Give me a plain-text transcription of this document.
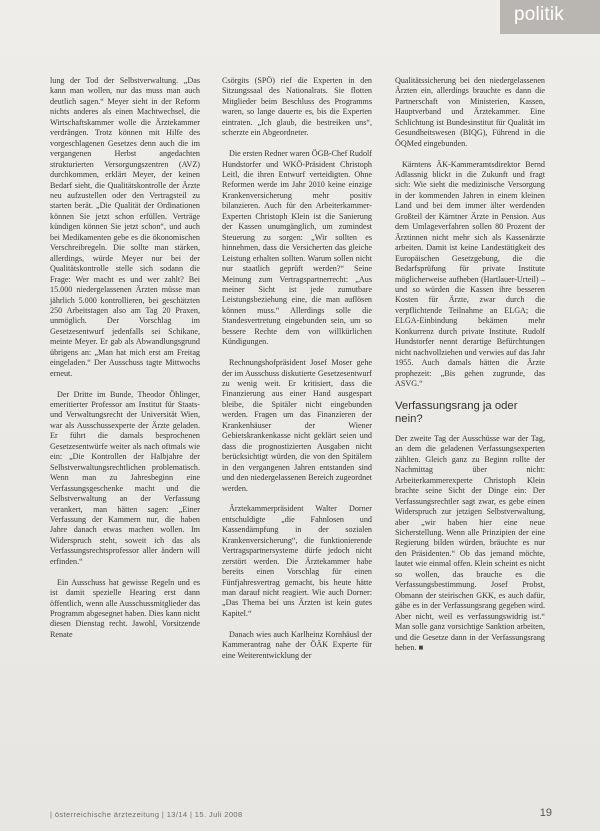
politik

lung der Tod der Selbstverwaltung. „Das kann man wollen, nur das muss man auch deutlich sagen.“ Meyer sieht in der Reform nichts anderes als einen Machtwechsel, die Wirtschaftskammer wolle die Ärztekammer verdrängen. Trotz können mit Hilfe des vorgeschlagenen Gesetzes denn auch die im vergangenen Herbst angedachten strukturierten Versorgungszentren (AVZ) durchkommen, erklärt Meyer, der keinen Bedarf sieht, die Qualitätskontrolle der Ärzte neu aufzustellen oder den Vertragsteil zu starten berät. „Die Qualität der Ordinationen können Sie jetzt schon erfüllen. Verträge kündigen können Sie jetzt schon“, und auch bei Medikamenten gebe es die ökonomischen Verschreibregeln. Die sollte man stärken, allerdings, würde Meyer nur bei der Qualitätskontrolle stelle sich sodann die Frage: Wer macht es und wer zahlt? Bei 15.000 niedergelassenen Ärzten müsse man jährlich 5.000 kontrollieren, bei geschätzten 250 Arbeitstagen also am Tag 20 Praxen, unmöglich. Der Vorschlag im Gesetzesentwurf jedenfalls sei Schikane, meinte Meyer. Er gab als Abwandlungsgrund übrigens an: „Man hat mich erst am Freitag eingeladen.“ Der Ausschuss tagte Mittwochs erneut.

Der Dritte im Bunde, Theodor Öhlinger, emeritierter Professor am Institut für Staats- und Verwaltungsrecht der Universität Wien, war als Ausschussexperte der Ärzte geladen. Er führt die damals besprochenen Gesetzesentwürfe weiter als nach oftmals wie ein: „Die Kontrollen der Halbjahre der Selbstverwaltungsrechtlichen problematisch. Wenn man zu Jahresbeginn eine Verfassungsgeschenke macht und die Selbstverwaltung an der Verfassung verankert, man hätten sagen: „Einer Verfassung der Kammern nur, die haben Jahre danach etwas machen wollen. Im Widerspruch steht, soweit ich das als Verfassungsrechtsprofessor aller ändern will erfinden.“

Ein Ausschuss hat gewisse Regeln und es ist damit spezielle Hearing erst dann öffentlich, wenn alle Ausschussmitglieder das Programm abgesegnet haben. Dies kann nicht diesen Dienstag recht. Jawohl, Vorsitzende Renate

Csörgits (SPÖ) rief die Experten in den Sitzungssaal des Nationalrats. Sie flotten Mitglieder beim Beschluss des Programms waren, so lange dauerte es, bis die Experten eintraten. „Ich glaub, die bestreiken uns“, scherzte ein Abgeordneter.

Die ersten Redner waren ÖGB-Chef Rudolf Hundstorfer und WKÖ-Präsident Christoph Leitl, die ihren Entwurf verteidigten. Ohne Reformen werde im Jahr 2010 keine einzige Krankenversicherung mehr positiv bilanzieren. Auch für den Arbeiterkammer-Experten Christoph Klein ist die Sanierung der Kassen unumgänglich, um zumindest Steuerung zu sorgen: „Wir sollten es hinnehmen, dass die Versicherten das gleiche Leistung erhalten sollten. Warum sollen nicht nur staatlich geprüft werden?“ Seine Meinung zum Vertragspartnerrecht: „Aus meiner Sicht ist jede zumutbare Leistungsbeziehung eine, die man auflösen können muss.“ Allerdings solle die Standesvertretung eingebunden sein, um so bessere Rechte dem von willkürlichen Kündigungen.

Rechnungshofpräsident Josef Moser gehe der im Ausschuss diskutierte Gesetzesentwurf zu wenig weit. Er kritisiert, dass die Finanzierung aus einer Hand ausgespart bleibe, die Spitäler nicht eingebunden werden. Fragen um das Finanzieren der Krankenhäuser der Wiener Gebietskrankenkasse nicht geklärt seien und dass die prognostizierten Ausgaben nicht berücksichtigt würden, die von den Spitälern in den vergangenen Jahren entstanden sind und den niedergelassenen Bereich zugeordnet werden.

Ärztekammerpräsident Walter Dorner entschuldigte „die Fahnlosen und Kassendämpfung in der sozialen Krankenversicherung“, die funktionierende Vertragspartnersysteme dürfe jedoch nicht zerstört werden. Die Ärztekammer habe bereits einen Vorschlag für einen Fünfjahresvertrag gemacht, bis heute hätte man darauf nicht reagiert. Wie auch Dorner: „Das Thema bei uns Ärzten ist kein gutes Kapitel.“

Danach wies auch Karlheinz Kornhäusl der Kammerantrag nahe der ÖÄK Experte für eine Weiterentwicklung der

Qualitätssicherung bei den niedergelassenen Ärzten ein, allerdings brauchte es dann die Partnerschaft von Ministerien, Kassen, Hauptverband und Ärztekammer. Eine Schlichtung ist Bundesinstitut für Qualität im Gesundheitswesen (BIQG), Führend in die ÖQMed eingebunden.

Kärntens ÄK-Kammeramtsdirektor Bernd Adlassnig blickt in die Zukunft und fragt sich: Wie sieht die medizinische Versorgung in der kommenden Jahren in einem kleinen Land und bei dem immer älter werdenden Großteil der Kärntner Ärzte in Pension. Aus dem Umlageverfahren sollen 80 Prozent der Ärztinnen nicht mehr sich als Kassenärzte arbeiten. Damit ist keine Landestätigkeit des Europäischen Gesetzgebung, die die Bedarfsprüfung für private Institute möglicherweise aufheben (Hartlauer-Urteil) – und so würden die Kassen ihre besseren Kosten für Ärzte, zwar durch die verpflichtende Teilnahme an ELGA; die ELGA-Einbindung bekämen mehr Konkurrenz durch private Institute. Rudolf Hundstorfer nennt derartige Befürchtungen nicht nachvollziehen und verwies auf das Jahr 1955. Auch damals hätten die Ärzte prophezeit: „Bis gehen zugrunde, das ASVG.“

Verfassungsrang ja oder nein?

Der zweite Tag der Ausschüsse war der Tag, an dem die geladenen Verfassungsexperten zählten. Gleich ganz zu Beginn rollte der Nachmittag über nicht: Arbeiterkammerexperte Christoph Klein brachte seine Sicht der Dinge ein: Der Verfassungsrechtler sagt zwar, es gebe einen Widerspruch zur jetzigen Selbstverwaltung, aber „wir haben hier eine neue Sicherstellung. Wenn alle Prinzipien der eine Regierung bilden würden, bräuchte es nur den Präsidenten.“ Ob das jemand möchte, lautet wie einmal offen. Klein scheint es nicht so wollen, das brauche es die Verfassungsbestimmung. Josef Probst, Obmann der steirischen GKK, es auch dafür, gäbe es in der Verfassungsrang gegeben wird. Aber nicht, weil es verfassungswidrig ist.“ Man solle ganz vorsichtige Sanktion arbeiten, und die Gesetze dann in der Verfassungsrang heben. ■

| österreichische ärztezeitung | 13/14 | 15. Juli 2008	19
